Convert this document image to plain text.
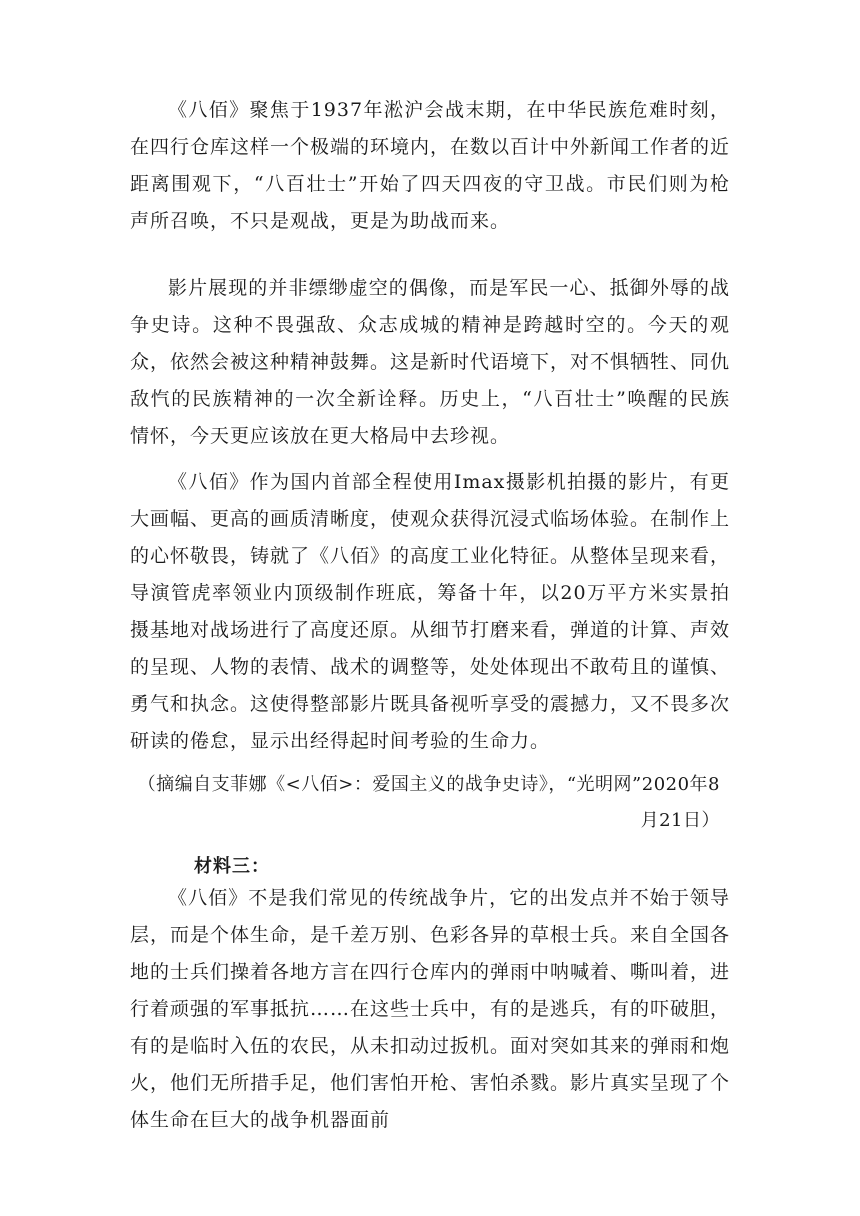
《八佰》聚焦于1937年淞沪会战末期，在中华民族危难时刻，在四行仓库这样一个极端的环境内，在数以百计中外新闻工作者的近距离围观下，“八百壮士”开始了四天四夜的守卫战。市民们则为枪声所召唤，不只是观战，更是为助战而来。

影片展现的并非缥缈虚空的偶像，而是军民一心、抵御外辱的战争史诗。这种不畏强敌、众志成城的精神是跨越时空的。今天的观众，依然会被这种精神鼓舞。这是新时代语境下，对不惧牺牲、同仇敌忾的民族精神的一次全新诠释。历史上，“八百壮士”唤醒的民族情怀，今天更应该放在更大格局中去珍视。

《八佰》作为国内首部全程使用Imax摄影机拍摄的影片，有更大画幅、更高的画质清晰度，使观众获得沉浸式临场体验。在制作上的心怀敬畏，铸就了《八佰》的高度工业化特征。从整体呈现来看，导演管虎率领业内顶级制作班底，筹备十年，以20万平方米实景拍摄基地对战场进行了高度还原。从细节打磨来看，弹道的计算、声效的呈现、人物的表情、战术的调整等，处处体现出不敢苟且的谨慎、勇气和执念。这使得整部影片既具备视听享受的震撼力，又不畏多次研读的倦怠，显示出经得起时间考验的生命力。

（摘编自支菲娜《<八佰>：爱国主义的战争史诗》，“光明网”2020年8月21日）

材料三：

《八佰》不是我们常见的传统战争片，它的出发点并不始于领导层，而是个体生命，是千差万别、色彩各异的草根士兵。来自全国各地的士兵们操着各地方言在四行仓库内的弹雨中呐喊着、嘶叫着，进行着顽强的军事抵抗……在这些士兵中，有的是逃兵，有的吓破胆，有的是临时入伍的农民，从未扣动过扳机。面对突如其来的弹雨和炮火，他们无所措手足，他们害怕开枪、害怕杀戮。影片真实呈现了个体生命在巨大的战争机器面前
